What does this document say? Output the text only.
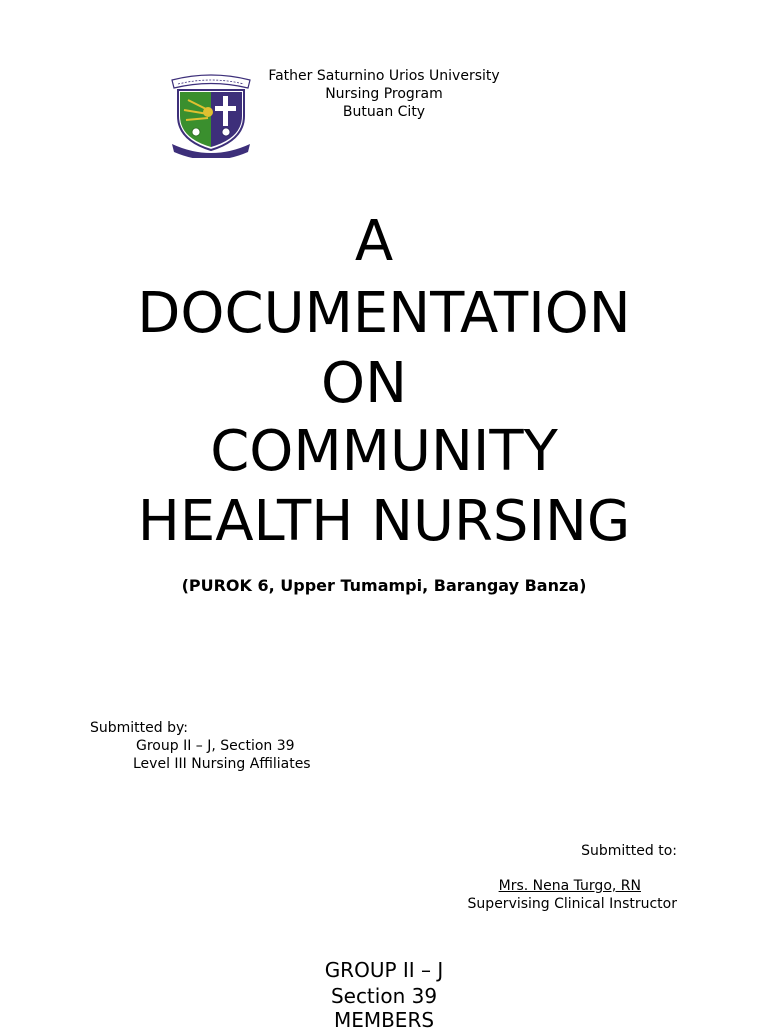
Father Saturnino Urios University
Nursing Program
Butuan City
A
DOCUMENTATION
ON
COMMUNITY
HEALTH NURSING
(PUROK 6, Upper Tumampi, Barangay Banza)
Submitted by:
Group II – J, Section 39
Level III Nursing Affiliates
Submitted to:
Mrs. Nena Turgo, RN
Supervising Clinical Instructor
GROUP II – J
Section 39
MEMBERS
